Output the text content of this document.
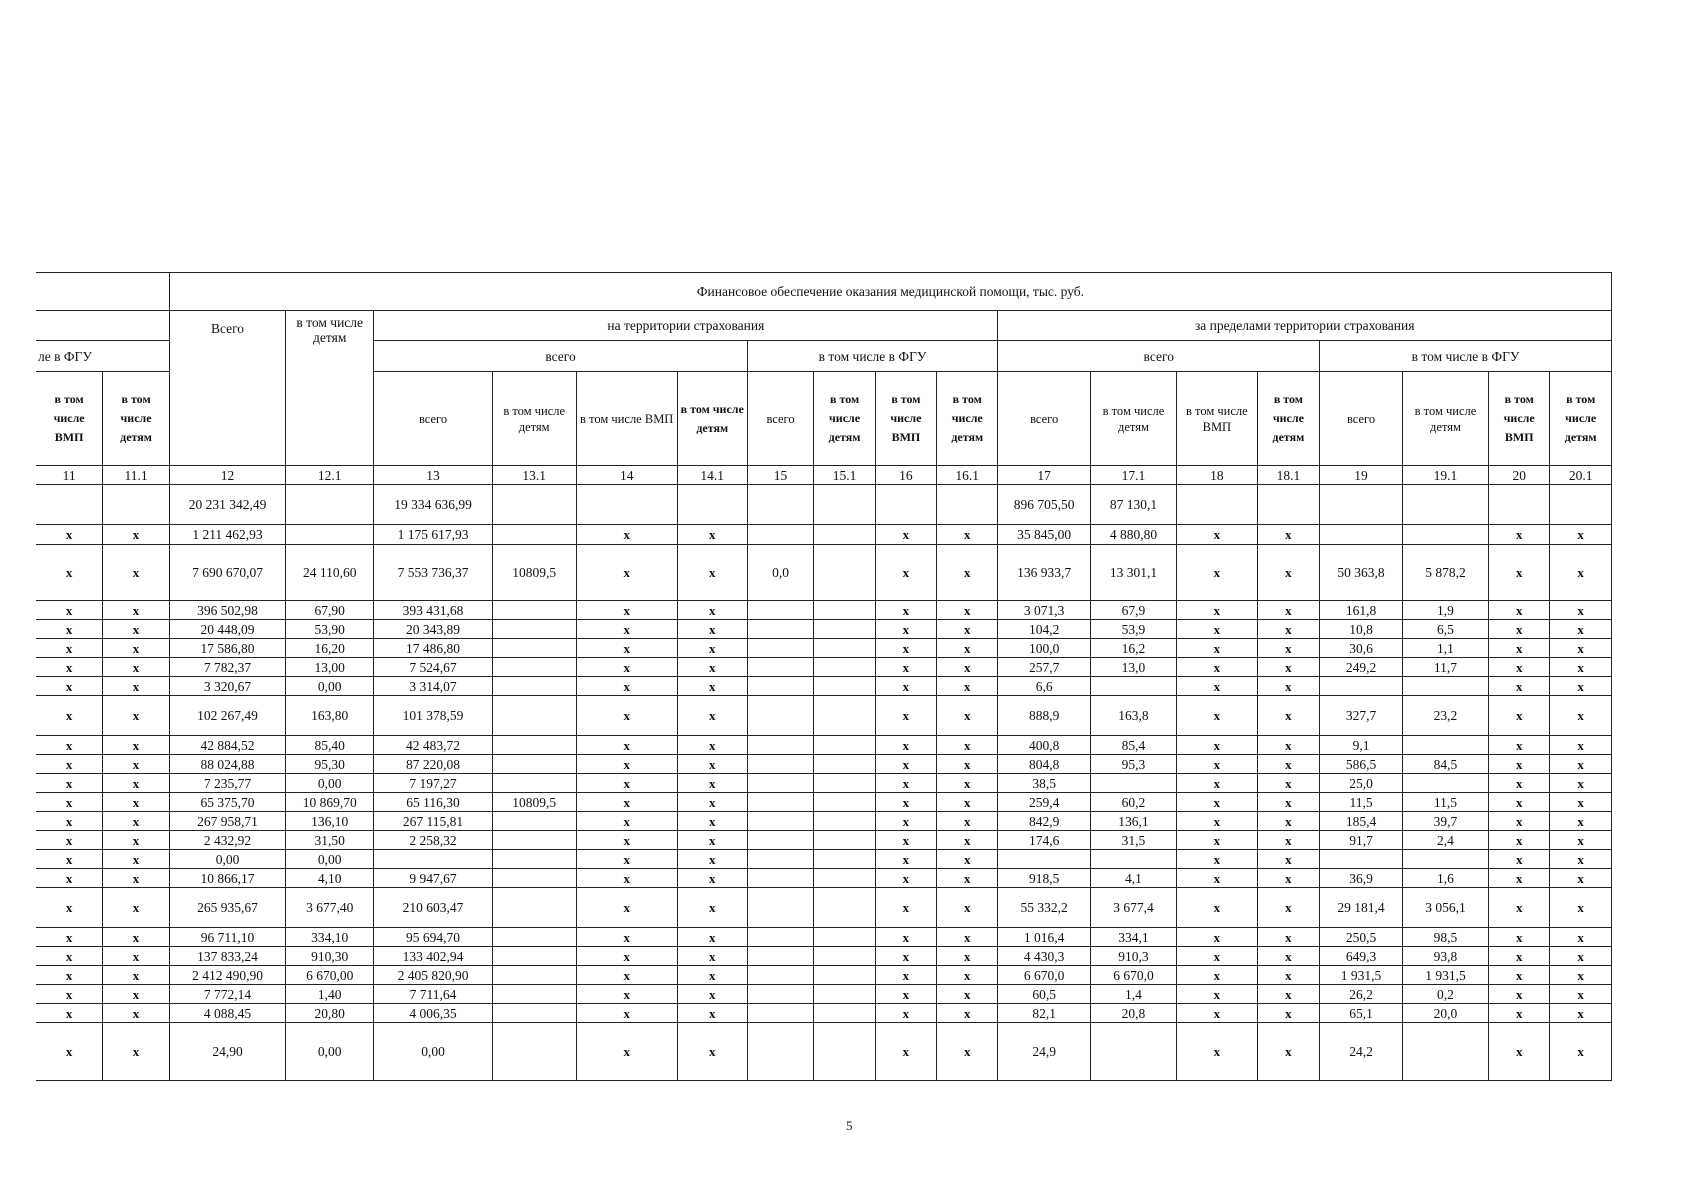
		Финансовое обеспечение оказания медицинской помощи, тыс. руб.																	
		Всего	в том числе детям	на территории страхования								за пределами территории страхования							
ле в ФГУ				всего				в том числе в ФГУ				всего				в том числе в ФГУ			
в том числе ВМП	в том числе детям			всего	в том числе детям	в том числе ВМП	в том числе детям	всего	в том числе детям	в том числе ВМП	в том числе детям	всего	в том числе детям	в том числе ВМП	в том числе детям	всего	в том числе детям	в том числе ВМП	в том числе детям
11	11.1	12	12.1	13	13.1	14	14.1	15	15.1	16	16.1	17	17.1	18	18.1	19	19.1	20	20.1
		20 231 342,49		19 334 636,99								896 705,50	87 130,1						
х	х	1 211 462,93		1 175 617,93		х	х			х	х	35 845,00	4 880,80	х	х			х	х
х	х	7 690 670,07	24 110,60	7 553 736,37	10809,5	х	х	0,0		х	х	136 933,7	13 301,1	х	х	50 363,8	5 878,2	х	х
х	х	396 502,98	67,90	393 431,68		х	х			х	х	3 071,3	67,9	х	х	161,8	1,9	х	х
х	х	20 448,09	53,90	20 343,89		х	х			х	х	104,2	53,9	х	х	10,8	6,5	х	х
х	х	17 586,80	16,20	17 486,80		х	х			х	х	100,0	16,2	х	х	30,6	1,1	х	х
х	х	7 782,37	13,00	7 524,67		х	х			х	х	257,7	13,0	х	х	249,2	11,7	х	х
х	х	3 320,67	0,00	3 314,07		х	х			х	х	6,6		х	х			х	х
х	х	102 267,49	163,80	101 378,59		х	х			х	х	888,9	163,8	х	х	327,7	23,2	х	х
х	х	42 884,52	85,40	42 483,72		х	х			х	х	400,8	85,4	х	х	9,1		х	х
х	х	88 024,88	95,30	87 220,08		х	х			х	х	804,8	95,3	х	х	586,5	84,5	х	х
х	х	7 235,77	0,00	7 197,27		х	х			х	х	38,5		х	х	25,0		х	х
х	х	65 375,70	10 869,70	65 116,30	10809,5	х	х			х	х	259,4	60,2	х	х	11,5	11,5	х	х
х	х	267 958,71	136,10	267 115,81		х	х			х	х	842,9	136,1	х	х	185,4	39,7	х	х
х	х	2 432,92	31,50	2 258,32		х	х			х	х	174,6	31,5	х	х	91,7	2,4	х	х
х	х	0,00	0,00			х	х			х	х			х	х			х	х
х	х	10 866,17	4,10	9 947,67		х	х			х	х	918,5	4,1	х	х	36,9	1,6	х	х
х	х	265 935,67	3 677,40	210 603,47		х	х			х	х	55 332,2	3 677,4	х	х	29 181,4	3 056,1	х	х
х	х	96 711,10	334,10	95 694,70		х	х			х	х	1 016,4	334,1	х	х	250,5	98,5	х	х
х	х	137 833,24	910,30	133 402,94		х	х			х	х	4 430,3	910,3	х	х	649,3	93,8	х	х
х	х	2 412 490,90	6 670,00	2 405 820,90		х	х			х	х	6 670,0	6 670,0	х	х	1 931,5	1 931,5	х	х
х	х	7 772,14	1,40	7 711,64		х	х			х	х	60,5	1,4	х	х	26,2	0,2	х	х
х	х	4 088,45	20,80	4 006,35		х	х			х	х	82,1	20,8	х	х	65,1	20,0	х	х
х	х	24,90	0,00	0,00		х	х			х	х	24,9		х	х	24,2		х	х
5
